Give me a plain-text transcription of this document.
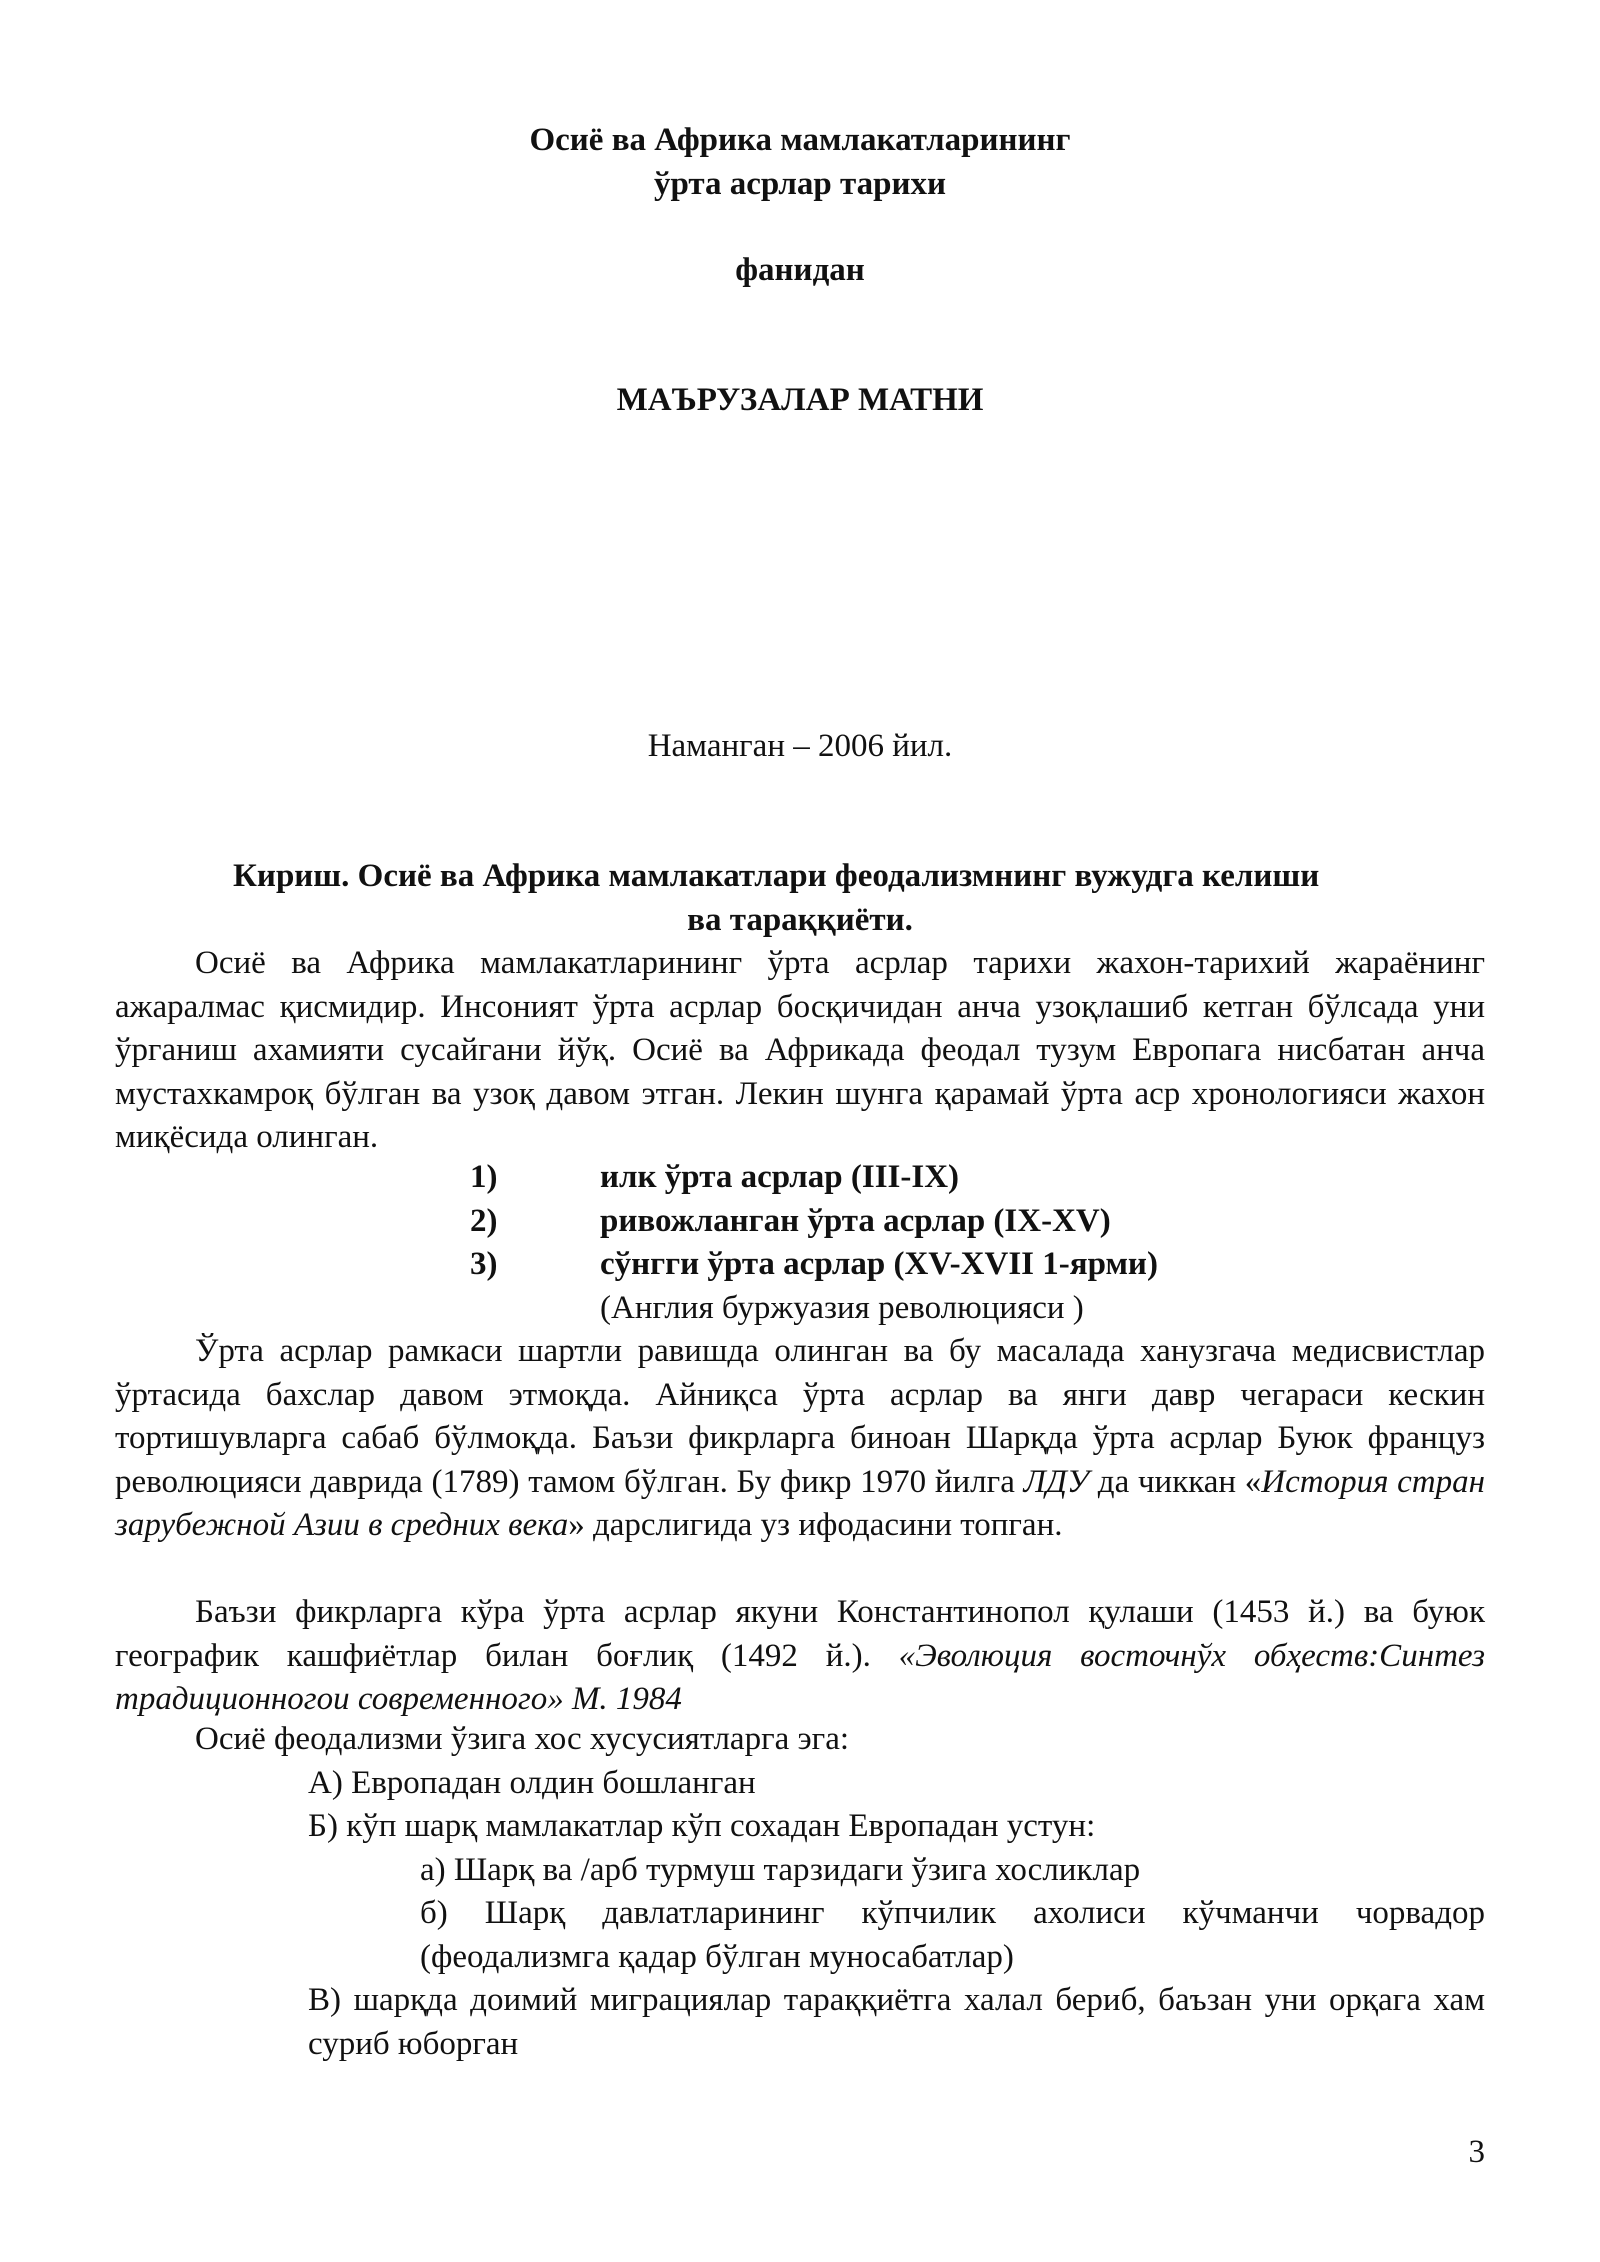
Осиё ва Африка мамлакатларининг
ўрта асрлар тарихи
фанидан
МАЪРУЗАЛАР МАТНИ
Наманган – 2006 йил.
Кириш. Осиё ва Африка мамлакатлари феодализмнинг вужудга келиши
ва тараққиёти.

Осиё ва Африка мамлакатларининг ўрта асрлар тарихи жахон-тарихий жараёнинг ажаралмас қисмидир. Инсоният ўрта асрлар босқичидан анча узоқлашиб кетган бўлсада уни ўрганиш ахамияти сусайгани йўқ. Осиё ва Африкада феодал тузум Европага нисбатан анча мустахкамроқ бўлган ва узоқ давом этган. Лекин шунга қарамай ўрта аср хронологияси жахон миқёсида олинган.

1)	илк ўрта асрлар (III-IX)
2)	ривожланган ўрта асрлар (IX-XV)
3)	сўнгги ўрта асрлар (XV-XVII 1-ярми)
(Англия буржуазия революцияси )

Ўрта асрлар рамкаси шартли равишда олинган ва бу масалада ханузгача медисвистлар ўртасида бахслар давом этмоқда. Айниқса ўрта асрлар ва янги давр чегараси кескин тортишувларга сабаб бўлмоқда. Баъзи фикрларга биноан Шарқда ўрта асрлар Буюк француз революцияси даврида (1789) тамом бўлган. Бу фикр 1970 йилга ЛДУ да чиккан «История стран зарубежной Азии в средних века» дарслигида уз ифодасини топган.

Баъзи фикрларга кўра ўрта асрлар якуни Константинопол қулаши (1453 й.) ва буюк географик кашфиётлар билан боғлиқ (1492 й.). «Эволюция восточнўх обҳеств:Синтез традиционногои современного» М. 1984

Осиё феодализми ўзига хос хусусиятларга эга:
А) Европадан олдин бошланган
Б) кўп шарқ мамлакатлар кўп сохадан Европадан устун:
а) Шарқ ва /арб турмуш тарзидаги ўзига хосликлар
б) Шарқ давлатларининг кўпчилик ахолиси кўчманчи чорвадор (феодализмга қадар бўлган муносабатлар)
В) шарқда доимий миграциялар тараққиётга халал бериб, баъзан уни орқага хам суриб юборган
3
